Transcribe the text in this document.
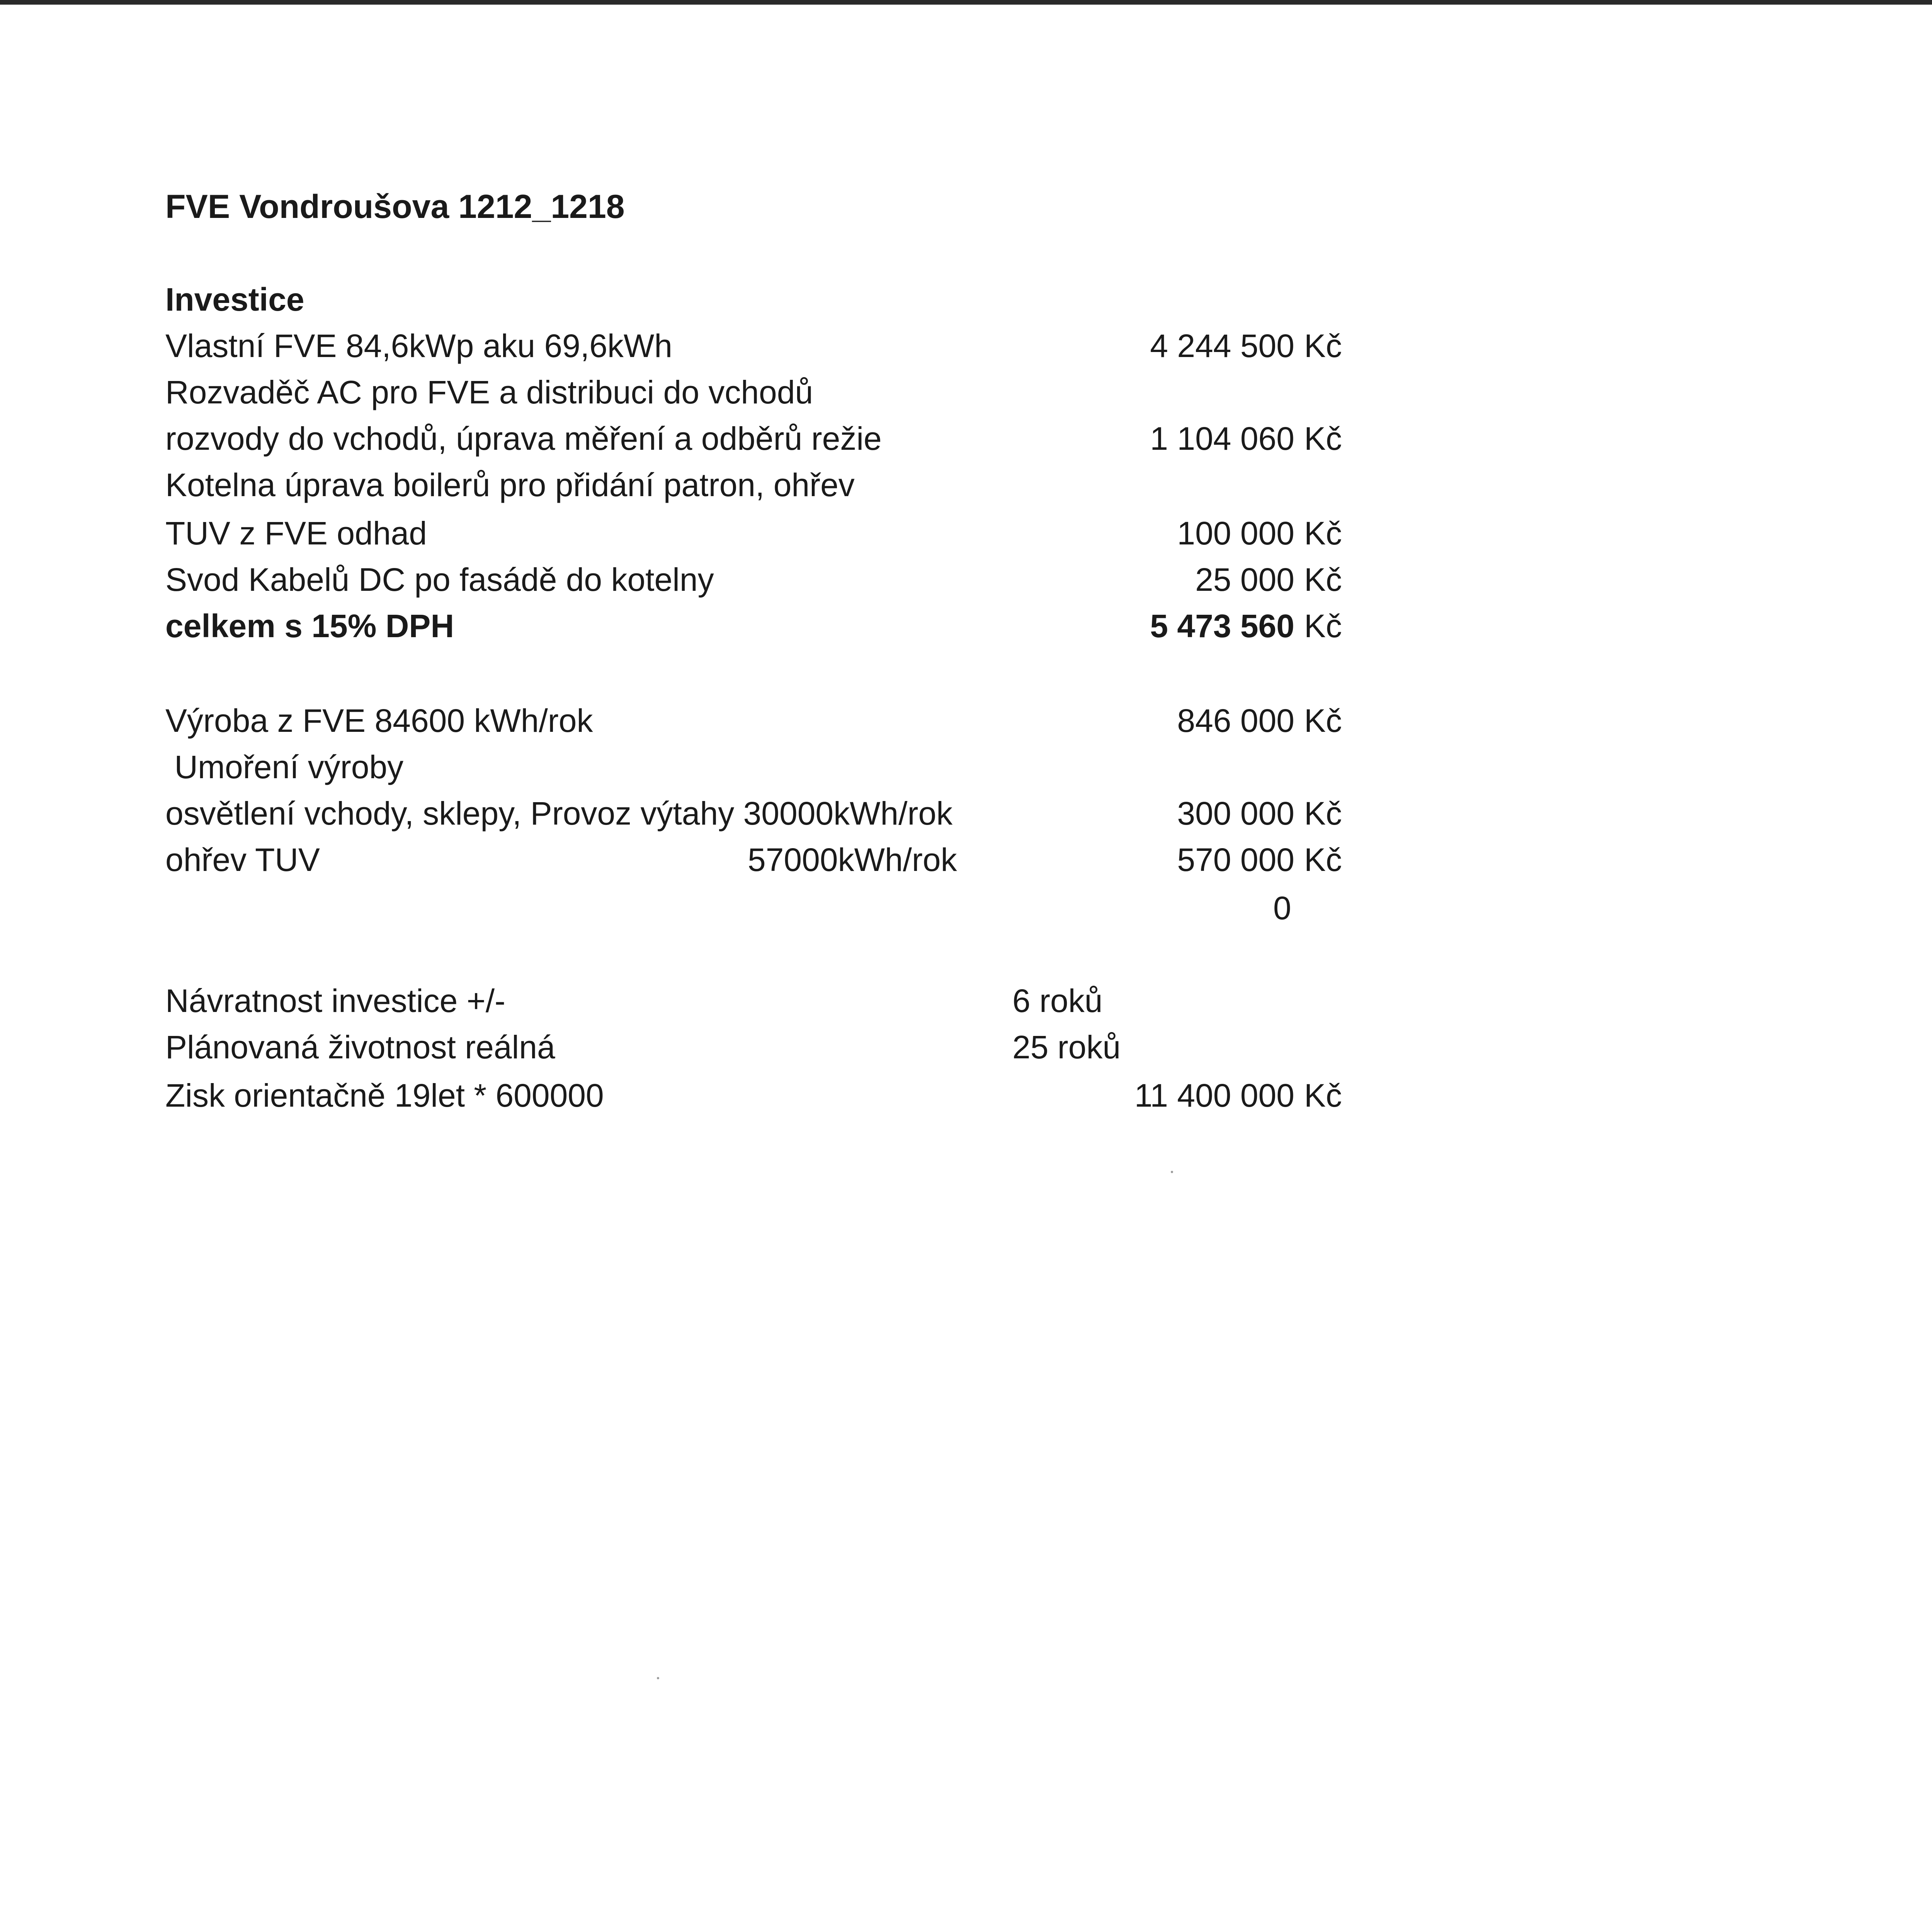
FVE Vondroušova 1212_1218
Investice
Vlastní FVE 84,6kWp aku 69,6kWh	4 244 500 Kč
Rozvaděč AC pro FVE a distribuci do vchodů
rozvody do vchodů, úprava měření a odběrů režie	1 104 060 Kč
Kotelna úprava boilerů pro přidání patron, ohřev
TUV z FVE odhad	100 000 Kč
Svod Kabelů DC po fasádě do kotelny	25 000 Kč
celkem s 15% DPH	5 473 560 Kč
Výroba z FVE 84600 kWh/rok	846 000 Kč
Umoření výroby
osvětlení vchody, sklepy, Provoz výtahy 30000kWh/rok	300 000 Kč
ohřev TUV	57000kWh/rok	570 000 Kč
0
Návratnost investice +/-	6 roků
Plánovaná životnost reálná	25 roků
Zisk orientačně 19let * 600000	11 400 000 Kč
